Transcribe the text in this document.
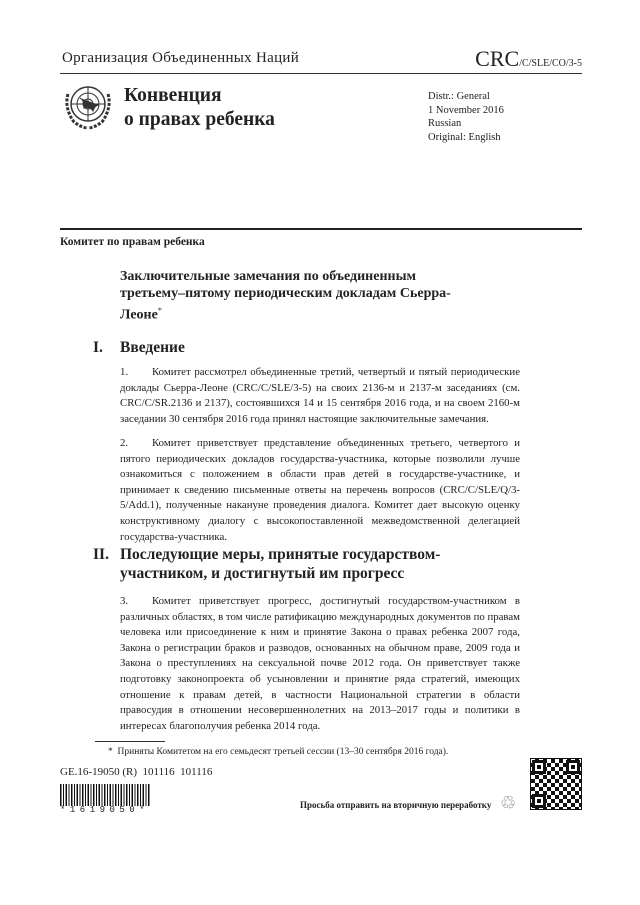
Организация Объединенных Наций	CRC/C/SLE/CO/3-5
Конвенция
о правах ребенка
Distr.: General
1 November 2016
Russian
Original: English
Комитет по правам ребенка
Заключительные замечания по объединенным третьему–пятому периодическим докладам Сьерра-Леоне*
I. Введение
1. Комитет рассмотрел объединенные третий, четвертый и пятый периодические доклады Сьерра-Леоне (CRC/C/SLE/3-5) на своих 2136-м и 2137-м заседаниях (см. CRC/C/SR.2136 и 2137), состоявшихся 14 и 15 сентября 2016 года, и на своем 2160-м заседании 30 сентября 2016 года принял настоящие заключительные замечания.
2. Комитет приветствует представление объединенных третьего, четвертого и пятого периодических докладов государства-участника, которые позволили лучше ознакомиться с положением в области прав детей в государстве-участнике, и принимает к сведению письменные ответы на перечень вопросов (CRC/C/SLE/Q/3-5/Add.1), полученные накануне проведения диалога. Комитет дает высокую оценку конструктивному диалогу с высокопоставленной межведомственной делегацией государства-участника.
II. Последующие меры, принятые государством-участником, и достигнутый им прогресс
3. Комитет приветствует прогресс, достигнутый государством-участником в различных областях, в том числе ратификацию международных документов по правам человека или присоединение к ним и принятие Закона о правах ребенка 2007 года, Закона о регистрации браков и разводов, основанных на обычном праве, 2009 года и Закона о преступлениях на сексуальной почве 2012 года. Он приветствует также подготовку законопроекта об усыновлении и принятие ряда стратегий, имеющих отношение к правам детей, в частности Национальной стратегии в области правосудия в отношении несовершеннолетних на 2013–2017 годы и политики в интересах благополучия ребенка 2014 года.
* Приняты Комитетом на его семьдесят третьей сессии (13–30 сентября 2016 года).
GE.16-19050 (R)  101116  101116
*1619050*	Просьба отправить на вторичную переработку ♲
